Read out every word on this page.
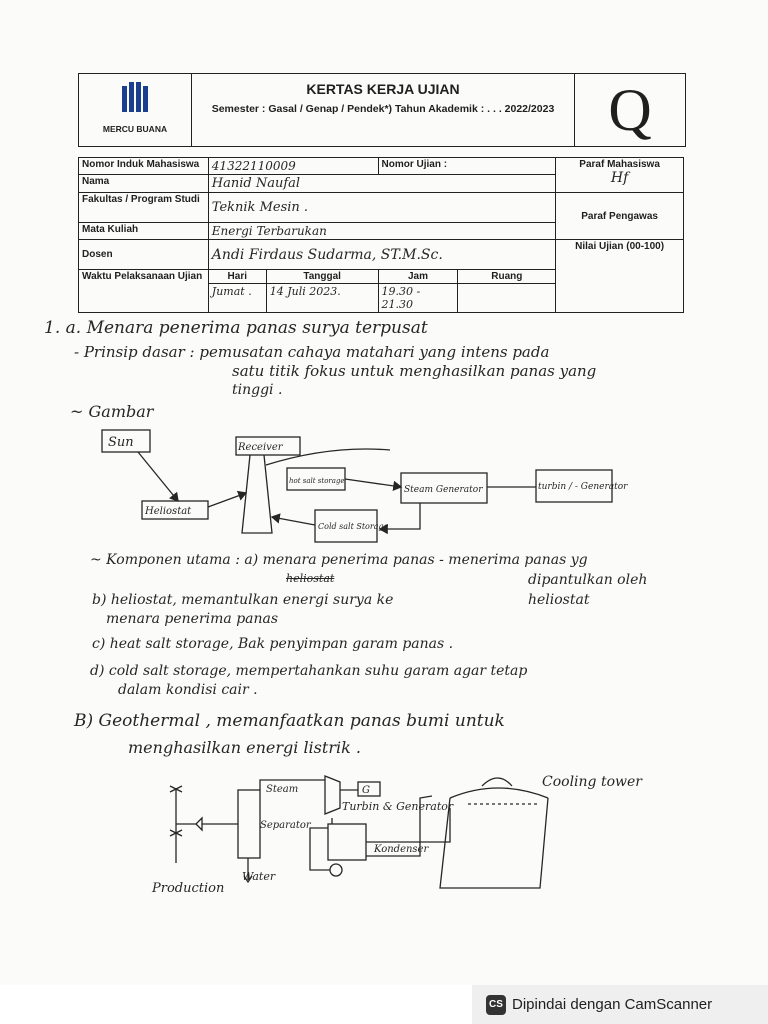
MERCU BUANA
KERTAS KERJA UJIAN
Semester : Gasal / Genap / Pendek*) Tahun Akademik : . . . 2022/2023 Q
Nomor Induk Mahasiswa	41322110009		Nomor Ujian :		Paraf Mahasiswa
Hf

Nama	Hanid Naufal				
Fakultas / Program Studi	Teknik Mesin .				Paraf Pengawas
Mata Kuliah	Energi Terbarukan				
Dosen	Andi Firdaus Sudarma, ST.M.Sc.				Nilai Ujian (00-100)
Waktu Pelaksanaan Ujian	Hari	Tanggal	Jam	Ruang	
	Jumat .	14 Juli 2023.	19.30 - 21.30		
1. a. Menara penerima panas surya terpusat
- Prinsip dasar : pemusatan cahaya matahari yang intens pada
satu titik fokus untuk menghasilkan panas yang
tinggi .
~ Gambar
Sun	Receiver
hot salt storage
Steam Generator	turbin / - Generator
Heliostat
Cold salt Storage
~ Komponen utama : a) menara penerima panas - menerima panas yg
heliostat	dipantulkan oleh
heliostat
b) heliostat, memantulkan energi surya ke
menara penerima panas
c) heat salt storage, Bak penyimpan garam panas .
d) cold salt storage, mempertahankan suhu garam agar tetap
dalam kondisi cair .
B) Geothermal , memanfaatkan panas bumi untuk
menghasilkan energi listrik .
Steam	G
Turbin & Generator
Cooling tower
Separator
Kondenser
Water
Production
CS Dipindai dengan CamScanner
